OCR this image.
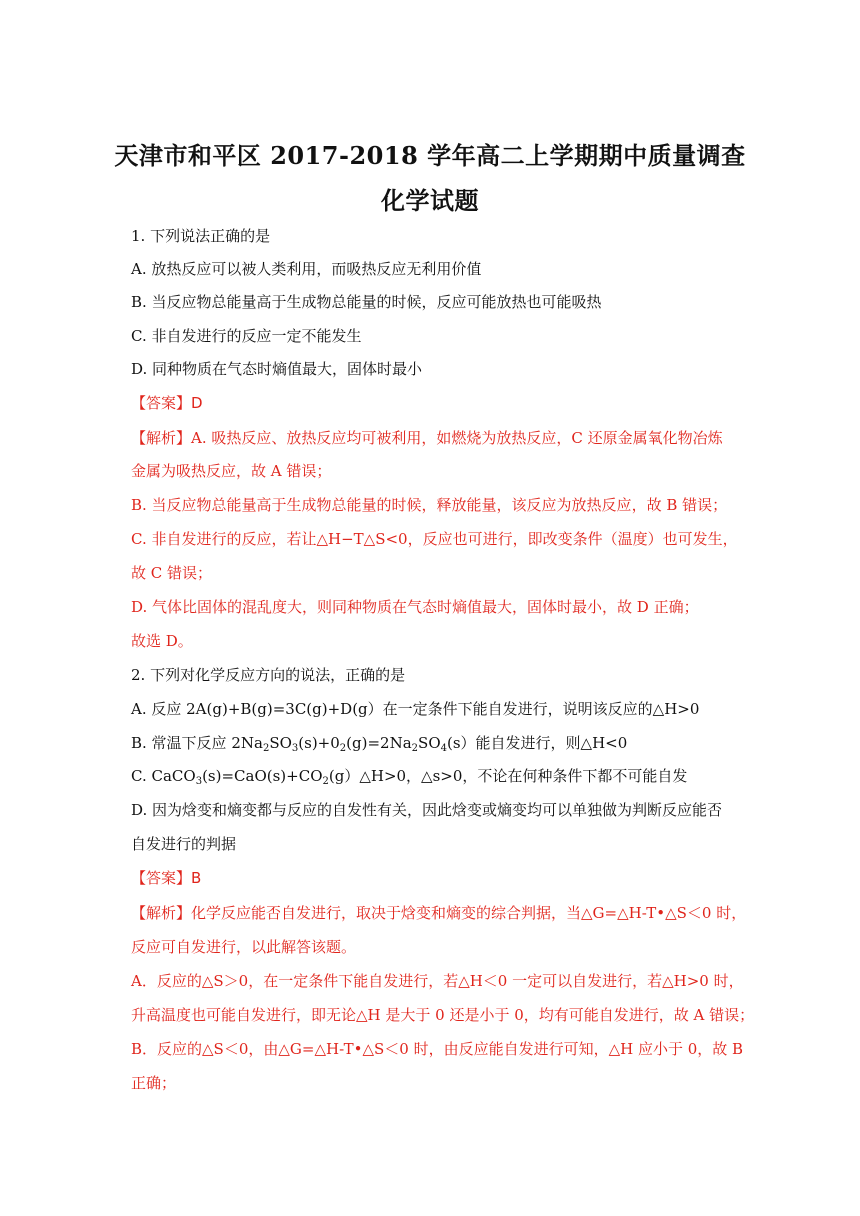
天津市和平区 2017-2018 学年高二上学期期中质量调查
化学试题
1. 下列说法正确的是
A. 放热反应可以被人类利用，而吸热反应无利用价值
B. 当反应物总能量高于生成物总能量的时候，反应可能放热也可能吸热
C. 非自发进行的反应一定不能发生
D. 同种物质在气态时熵值最大，固体时最小
【答案】D
【解析】A. 吸热反应、放热反应均可被利用，如燃烧为放热反应，C 还原金属氧化物冶炼
金属为吸热反应，故 A 错误；
B. 当反应物总能量高于生成物总能量的时候，释放能量，该反应为放热反应，故 B 错误；
C. 非自发进行的反应，若让△H−T△S<0，反应也可进行，即改变条件（温度）也可发生，
故 C 错误；
D. 气体比固体的混乱度大，则同种物质在气态时熵值最大，固体时最小，故 D 正确；
故选 D。
2. 下列对化学反应方向的说法，正确的是
A. 反应 2A(g)+B(g)=3C(g)+D(g）在一定条件下能自发进行，说明该反应的△H>0
B. 常温下反应 $2Na_2SO_3(s)+0_2(g)=2Na_2SO_4(s)$能自发进行，则△H<0
C. $CaCO_3(s)=CaO(s)+CO_2(g)\triangle H>0$，△s>0，不论在何种条件下都不可能自发
D. 因为焓变和熵变都与反应的自发性有关，因此焓变或熵变均可以单独做为判断反应能否
自发进行的判据
【答案】B
【解析】化学反应能否自发进行，取决于焓变和熵变的综合判据，当△G=△H-T•△S＜0 时，
反应可自发进行，以此解答该题。
A．反应的△S＞0，在一定条件下能自发进行，若△H＜0 一定可以自发进行，若△H>0 时，
升高温度也可能自发进行，即无论△H 是大于 0 还是小于 0，均有可能自发进行，故 A 错误；
B．反应的△S＜0，由△G=△H-T•△S＜0 时，由反应能自发进行可知，△H 应小于 0，故 B
正确；
